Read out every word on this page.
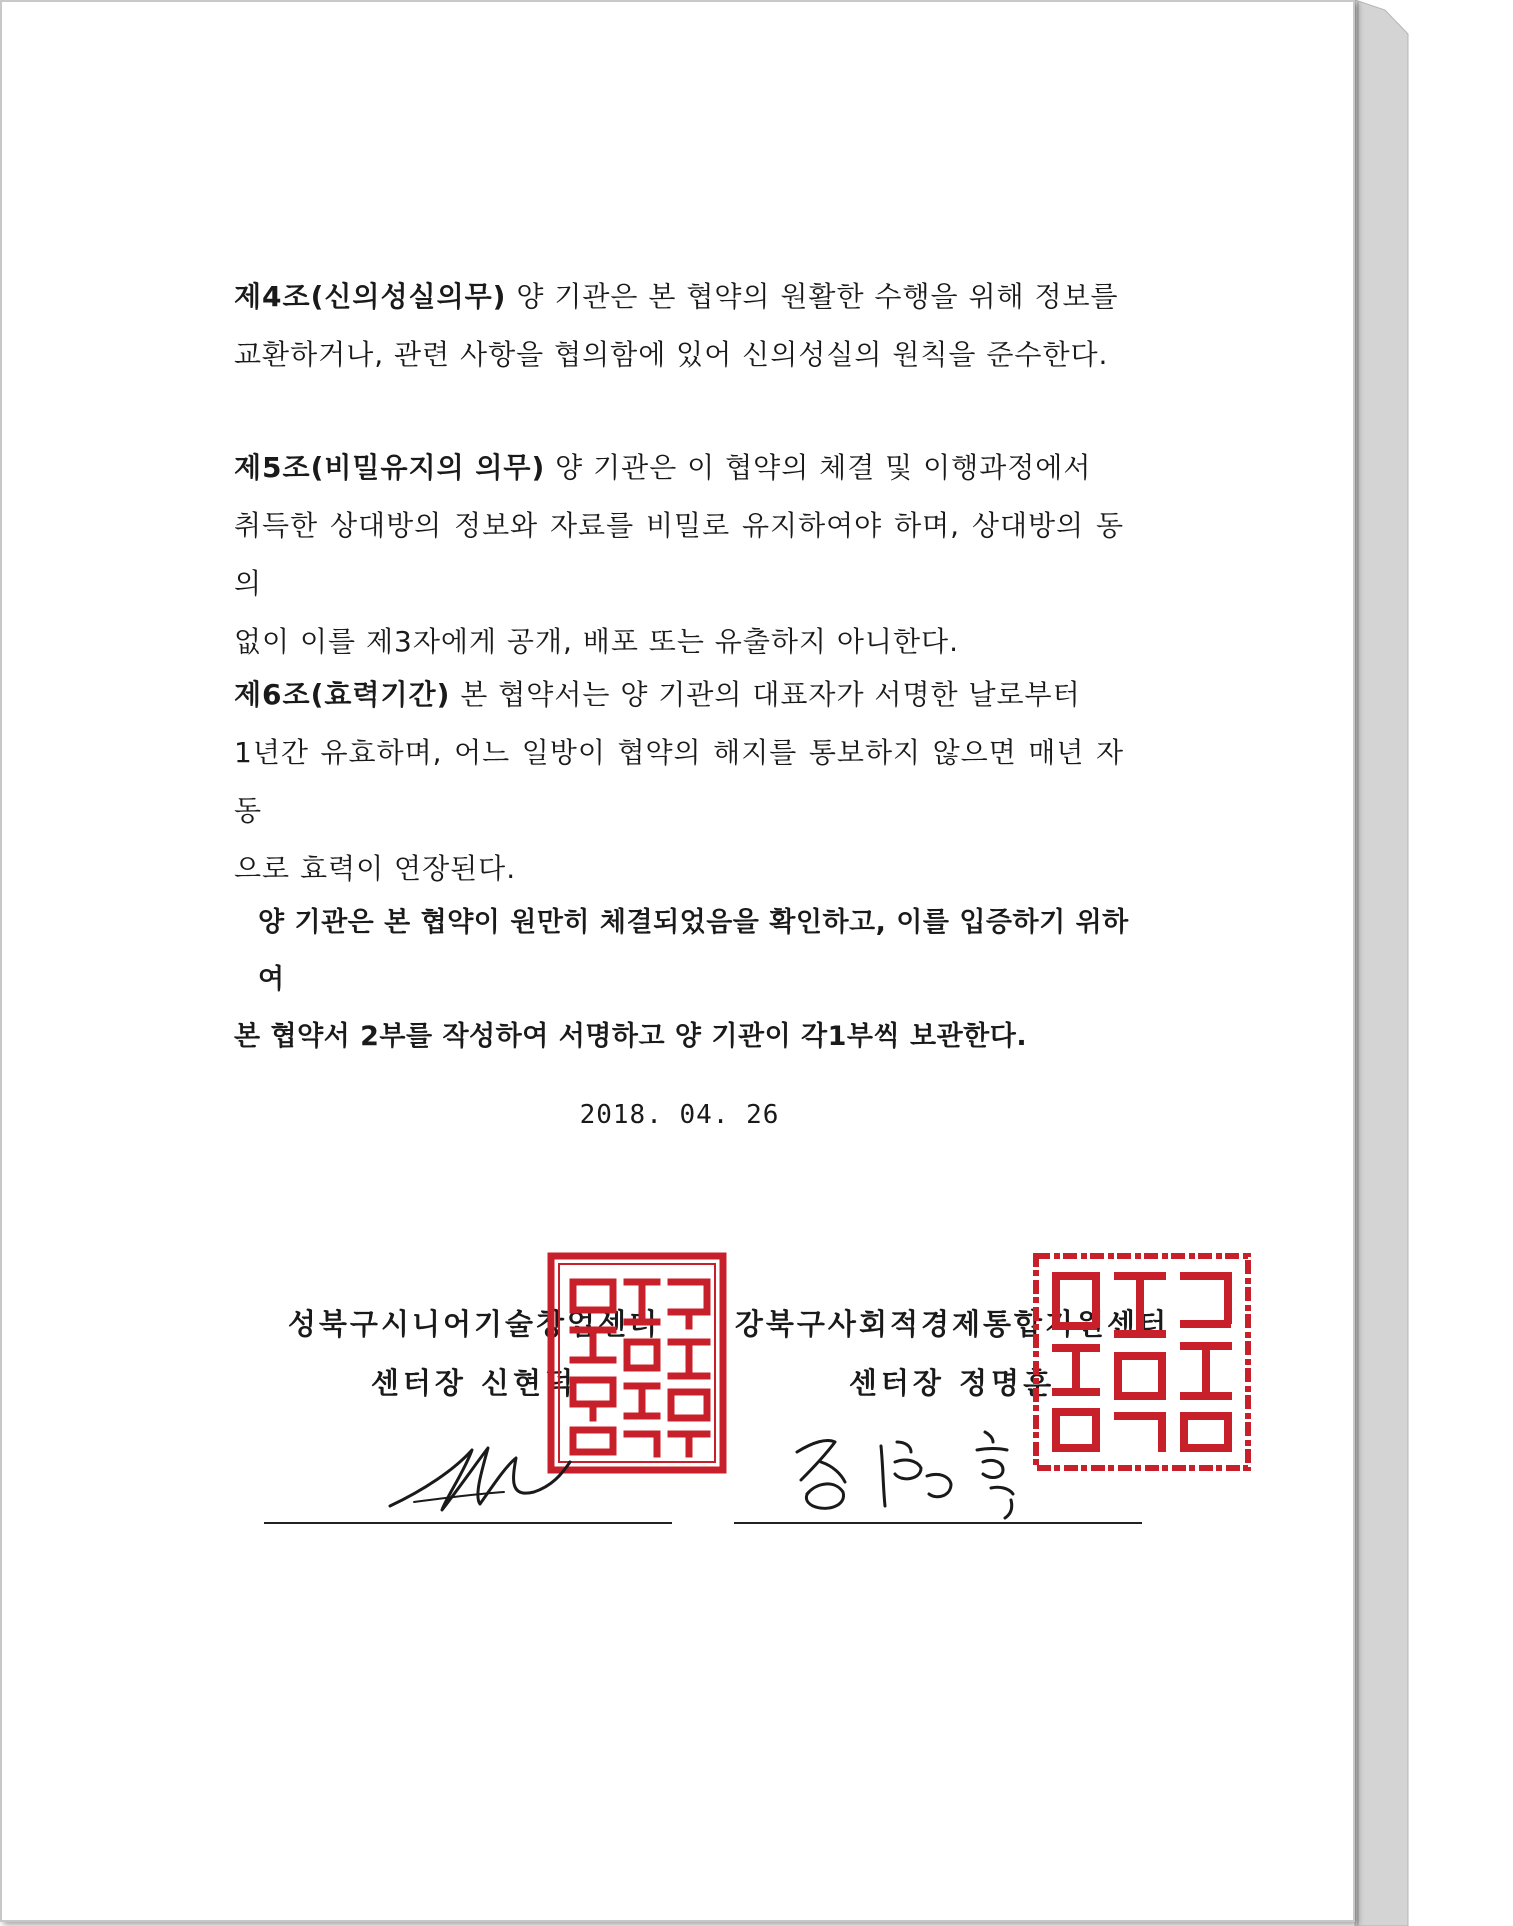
제4조(신의성실의무) 양 기관은 본 협약의 원활한 수행을 위해 정보를

교환하거나, 관련 사항을 협의함에 있어 신의성실의 원칙을 준수한다.

제5조(비밀유지의 의무) 양 기관은 이 협약의 체결 및 이행과정에서

취득한 상대방의 정보와 자료를 비밀로 유지하여야 하며, 상대방의 동의

없이 이를 제3자에게 공개, 배포 또는 유출하지 아니한다.

제6조(효력기간) 본 협약서는 양 기관의 대표자가 서명한 날로부터

1년간 유효하며, 어느 일방이 협약의 해지를 통보하지 않으면 매년 자동

으로 효력이 연장된다.

양 기관은 본 협약이 원만히 체결되었음을 확인하고, 이를 입증하기 위하여

본 협약서 2부를 작성하여 서명하고 양 기관이 각1부씩 보관한다.

2018. 04. 26
성북구시니어기술창업센터
센터장 신현덕
강북구사회적경제통합지원센터
센터장 정명훈
